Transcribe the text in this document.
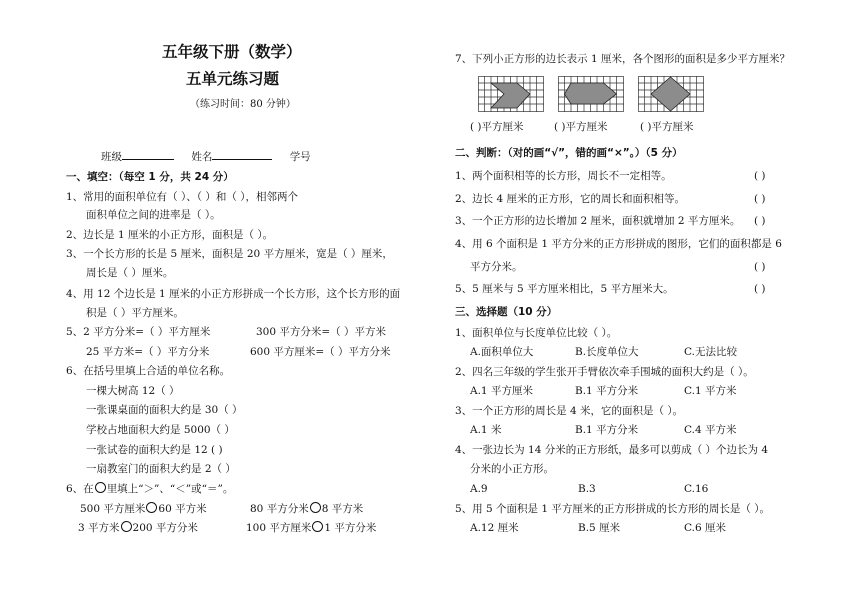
五年级下册（数学）
五单元练习题
（练习时间：80 分钟）
班级	姓名	学号
一、填空：（每空 1 分，共 24 分）
1、常用的面积单位有（ ）、（ ）和（ ），相邻两个
面积单位之间的进率是（ ）。
2、边长是 1 厘米的小正方形，面积是（ ）。
3、一个长方形的长是 5 厘米，面积是 20 平方厘米，宽是（ ）厘米，
周长是（ ）厘米。
4、用 12 个边长是 1 厘米的小正方形拼成一个长方形，这个长方形的面
积是（ ）平方厘米。
5、2 平方分米=（ ）平方厘米	300 平方分米=（ ）平方米
25 平方米=（ ）平方分米	600 平方厘米=（ ）平方分米
6、在括号里填上合适的单位名称。
一棵大树高 12（ ）
一张课桌面的面积大约是 30（ ）
学校占地面积大约是 5000（ ）
一张试卷的面积大约是 12 ( )
一扇教室门的面积大约是 2（ ）
6、在 里填上“＞”、“＜”或“＝”。
500 平方厘米 60 平方米	80 平方分米 8 平方米
3 平方米 200 平方分米	100 平方厘米 1 平方分米
7、下列小正方形的边长表示 1 厘米，各个图形的面积是多少平方厘米？
( )平方厘米	( )平方厘米	( )平方厘米
二、判断：（对的画“√”，错的画“×”。）（5 分）
1、两个面积相等的长方形，周长不一定相等。	( )
2、边长 4 厘米的正方形，它的周长和面积相等。	( )
3、一个正方形的边长增加 2 厘米，面积就增加 2 平方厘米。 ( )
4、用 6 个面积是 1 平方分米的正方形拼成的图形，它们的面积都是 6
平方分米。	( )
5、5 厘米与 5 平方厘米相比，5 平方厘米大。	( )
三、选择题（10 分）
1、面积单位与长度单位比较（ ）。
A.面积单位大	B.长度单位大	C.无法比较
2、四名三年级的学生张开手臂依次牵手围城的面积大约是（ ）。
A.1 平方厘米	B.1 平方分米	C.1 平方米
3、一个正方形的周长是 4 米，它的面积是（ ）。
A.1 米	B.1 平方分米	C.4 平方米
4、一张边长为 14 分米的正方形纸，最多可以剪成（ ）个边长为 4
分米的小正方形。
A.9	B.3	C.16
5、用 5 个面积是 1 平方厘米的正方形拼成的长方形的周长是（ ）。
A.12 厘米	B.5 厘米	C.6 厘米
